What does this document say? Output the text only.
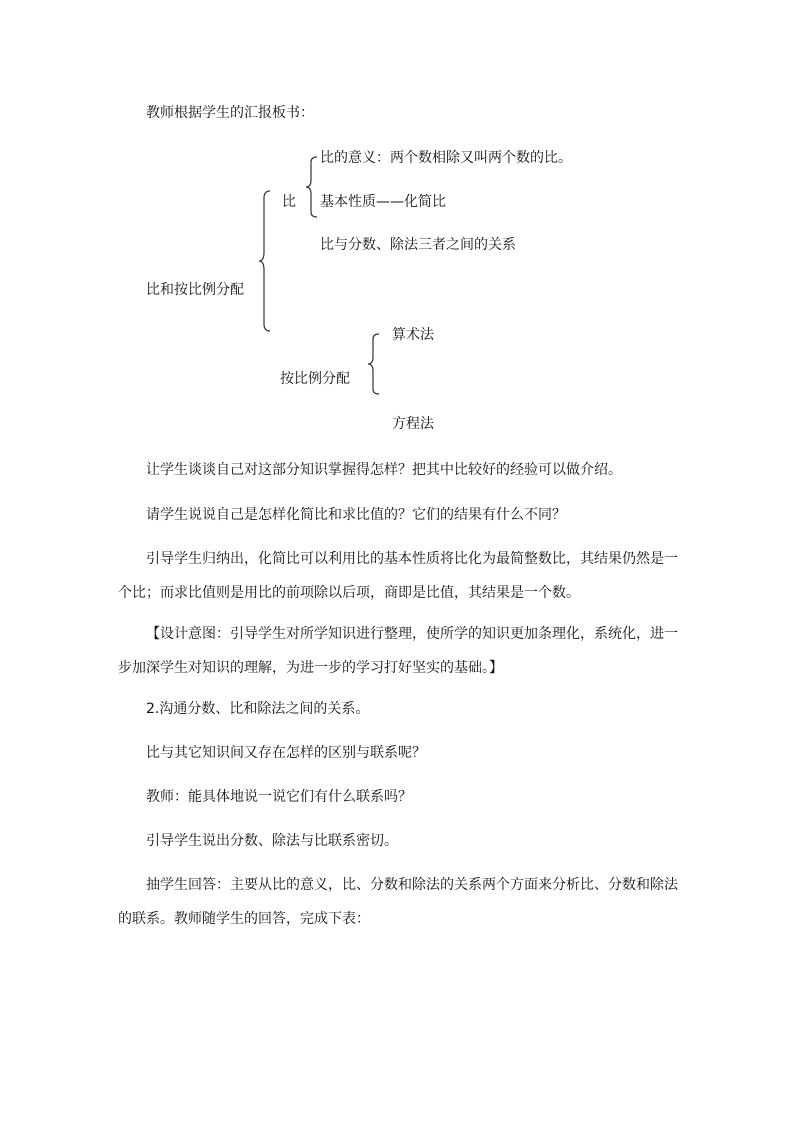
教师根据学生的汇报板书：
比和按比例分配
比
比的意义：两个数相除又叫两个数的比。
基本性质——化简比
比与分数、除法三者之间的关系
按比例分配
算术法
方程法
让学生谈谈自己对这部分知识掌握得怎样？把其中比较好的经验可以做介绍。
请学生说说自己是怎样化简比和求比值的？它们的结果有什么不同？
引导学生归纳出，化简比可以利用比的基本性质将比化为最简整数比，其结果仍然是一个比；而求比值则是用比的前项除以后项，商即是比值，其结果是一个数。
【设计意图：引导学生对所学知识进行整理，使所学的知识更加条理化，系统化，进一步加深学生对知识的理解，为进一步的学习打好坚实的基础。】
2.沟通分数、比和除法之间的关系。
比与其它知识间又存在怎样的区别与联系呢？
教师：能具体地说一说它们有什么联系吗？
引导学生说出分数、除法与比联系密切。
抽学生回答：主要从比的意义，比、分数和除法的关系两个方面来分析比、分数和除法的联系。教师随学生的回答，完成下表：
